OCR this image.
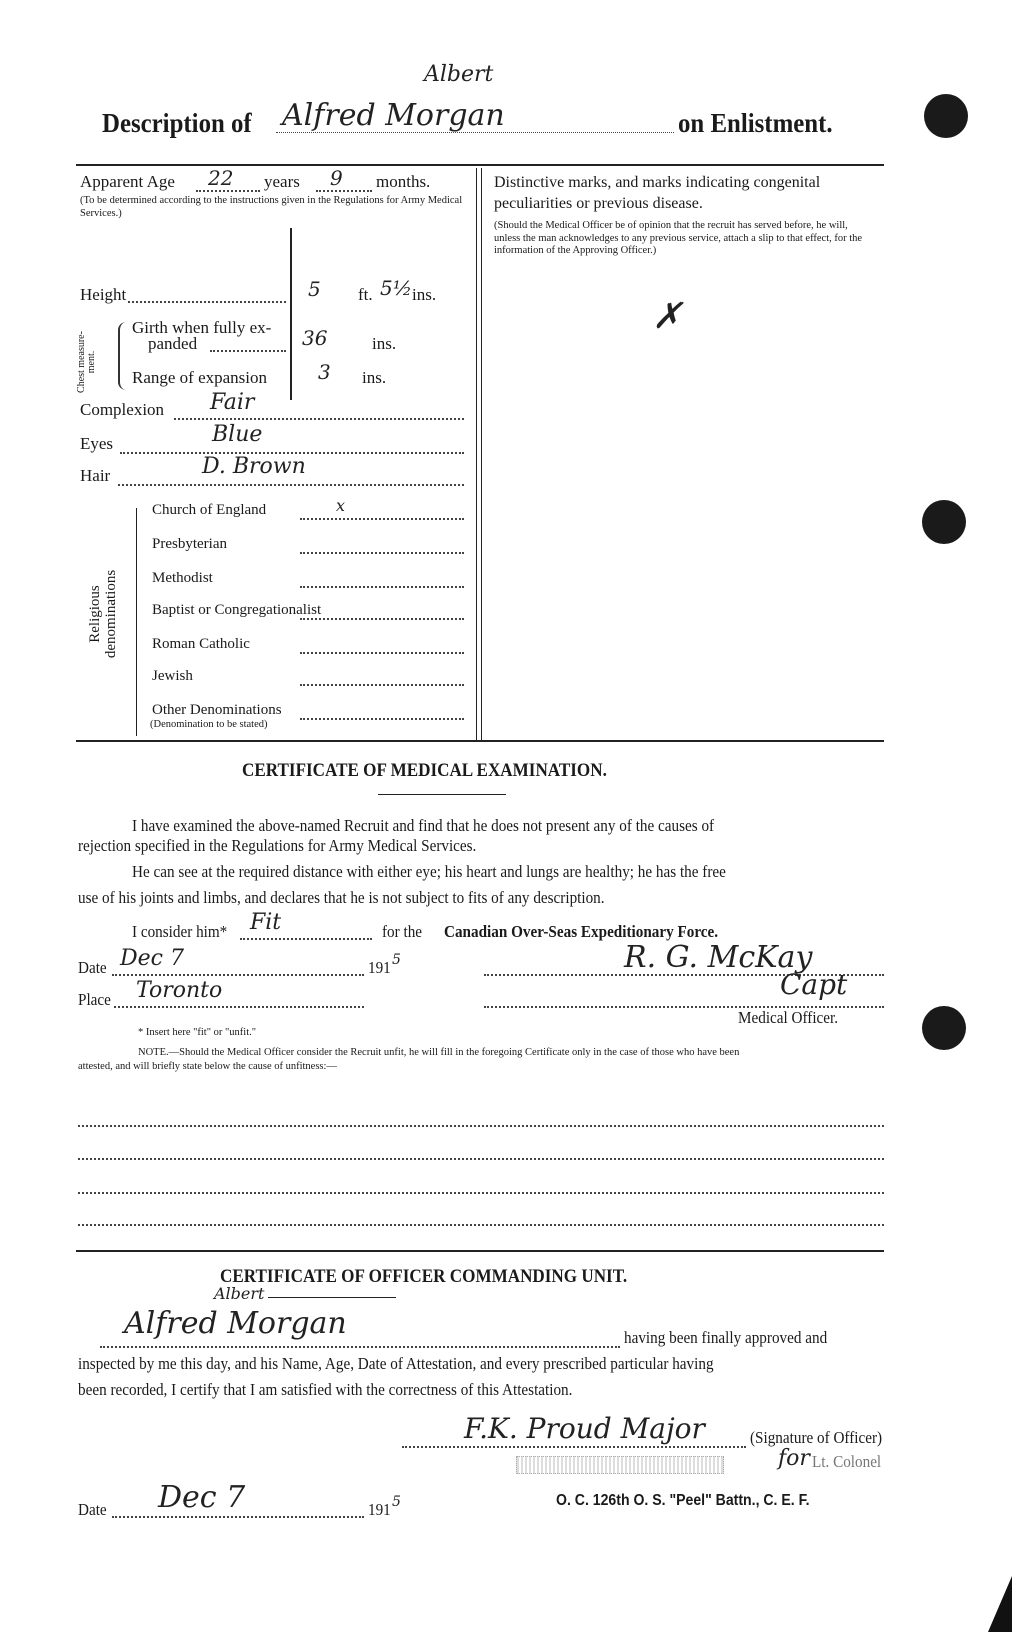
Description of Alfred Morgan
Albert
on Enlistment.
Apparent Age 22 years 9 months.
(To be determined according to the instructions given in the Regulations for Army Medical Services.)
Height	5 ft. 5½ ins.
Chest measure-ment.
Girth when fully ex-
panded	36	ins.
Range of expansion	3 ins.
Complexion Fair
Eyes	Blue
Hair	D. Brown
Religious denominations
Church of England	x
Presbyterian
Methodist
Baptist or Congregationalist
Roman Catholic
Jewish
Other Denominations
(Denomination to be stated)
Distinctive marks, and marks indicating congenital peculiarities or previous disease.
(Should the Medical Officer be of opinion that the recruit has served before, he will, unless the man acknowledges to any previous service, attach a slip to that effect, for the information of the Approving Officer.)
✗
CERTIFICATE OF MEDICAL EXAMINATION.
I have examined the above-named Recruit and find that he does not present any of the causes of
rejection specified in the Regulations for Army Medical Services.
He can see at the required distance with either eye; his heart and lungs are healthy; he has the free
use of his joints and limbs, and declares that he is not subject to fits of any description.
I consider him* Fit	for the Canadian Over-Seas Expeditionary Force.
Date Dec 7	191 5	R. G. McKay
Place Toronto	Capt
Medical Officer.
* Insert here "fit" or "unfit."
NOTE.—Should the Medical Officer consider the Recruit unfit, he will fill in the foregoing Certificate only in the case of those who have been
attested, and will briefly state below the cause of unfitness:—
CERTIFICATE OF OFFICER COMMANDING UNIT.
Alfred Morgan
Albert
having been finally approved and
inspected by me this day, and his Name, Age, Date of Attestation, and every prescribed particular having
been recorded, I certify that I am satisfied with the correctness of this Attestation.
F.K. Proud Major	(Signature of Officer)
for Lt. Colonel
O. C. 126th O. S. "Peel" Battn., C. E. F.
Date Dec 7	191 5
